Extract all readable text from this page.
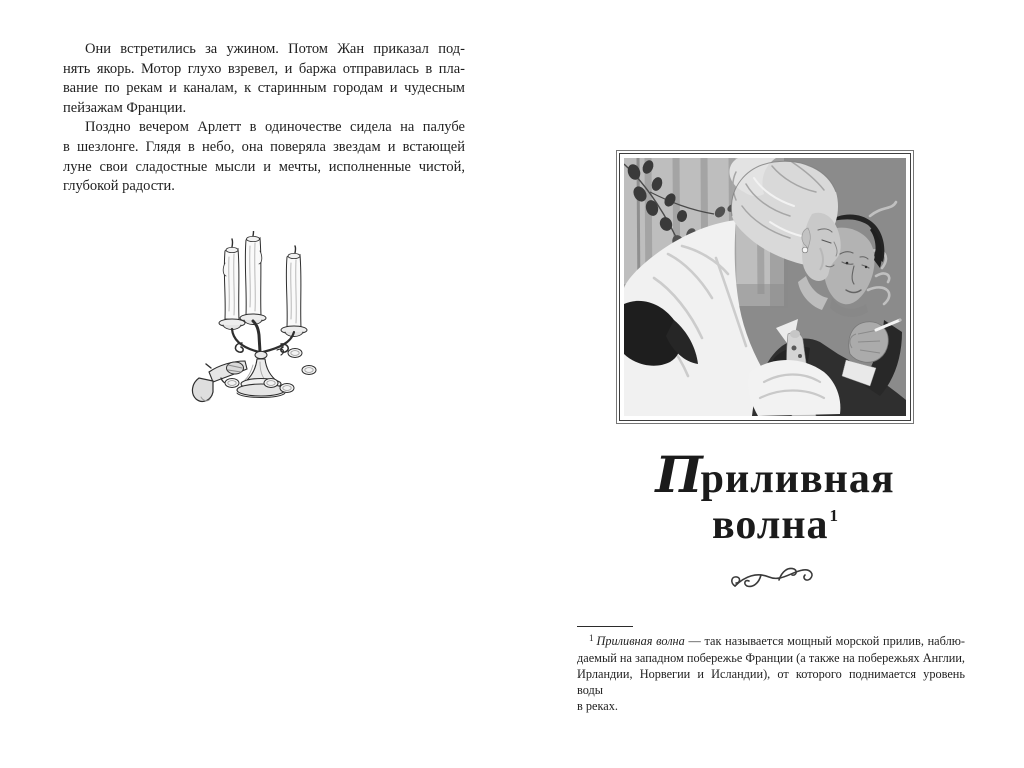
Они встретились за ужином. Потом Жан приказал под-
нять якорь. Мотор глухо взревел, и баржа отправилась в пла-
вание по рекам и каналам, к старинным городам и чудесным
пейзажам Франции.
Поздно вечером Арлетт в одиночестве сидела на палубе
в шезлонге. Глядя в небо, она поверяла звездам и встающей
луне свои сладостные мысли и мечты, исполненные чистой,
глубокой радости.
Приливная
волна$^1$
$^1$ Приливная волна — так называется мощный морской прилив, наблю-
даемый на западном побережье Франции (а также на побережьях Англии,
Ирландии, Норвегии и Исландии), от которого поднимается уровень воды
в реках.
